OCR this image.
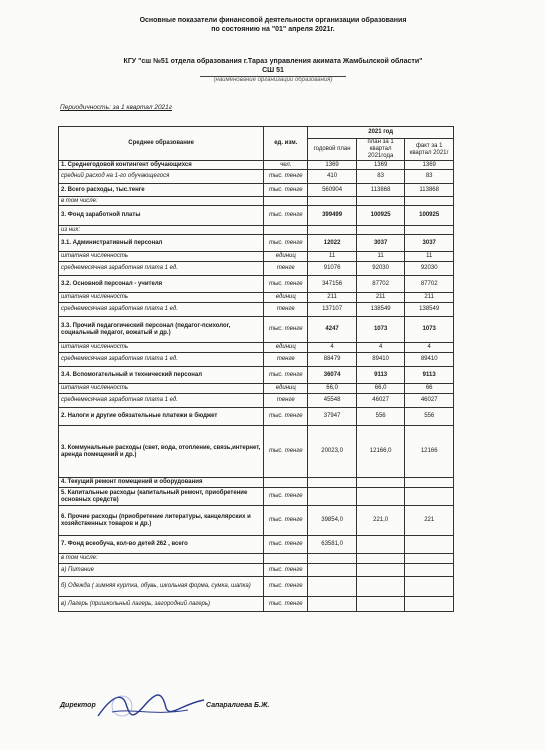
Основные показатели финансовой деятельности организации образования
по состоянию на "01" апреля 2021г.
КГУ "сш №51 отдела образования г.Тараз управления акимата Жамбылской области"
СШ 51
(наименование организации образования)
Периодичность: за 1 квартал 2021г
Среднее образование	ед. изм.	2021 год		
		годовой план	план за 1 квартал 2021года	факт за 1 квартал 2021г
1. Среднегодовой контингент обучающихся	чел.	1369	1369	1369
средний расход на 1-го обучающегося	тыс. тенге	410	83	83
2. Всего расходы, тыс.тенге	тыс. тенге	560904	113868	113868
в том числе:				
3. Фонд заработной платы	тыс. тенге	399499	100925	100925
из них:				
3.1. Административный персонал	тыс. тенге	12022	3037	3037
штатная численность	единиц	11	11	11
среднемесячная заработная плата 1 ед.	тенге	91076	92030	92030
3.2. Основной персонал - учителя	тыс. тенге	347156	87702	87702
штатная численность	единиц	211	211	211
среднемесячная заработная плата 1 ед.	тенге	137107	138549	138549
3.3. Прочий педагогический персонал (педагог-психолог, социальный педагог, вожатый и др.)	тыс. тенге	4247	1073	1073
штатная численность	единиц	4	4	4
среднемесячная заработная плата 1 ед.	тенге	88479	89410	89410
3.4. Вспомогательный и технический персонал	тыс. тенге	36074	9113	9113
штатная численность	единиц	66,0	66,0	66
среднемесячная заработная плата 1 ед.	тенге	45548	46027	46027
2. Налоги и другие обязательные платежи в бюджет	тыс. тенге	37947	556	556
3. Коммунальные расходы (свет, вода, отопление, связь,интернет, аренда помещений и др.)	тыс. тенге	20023,0	12166,0	12166
4. Текущий ремонт помещений и оборудования				
5. Капитальные расходы (капитальный ремонт, приобретение основных средств)	тыс. тенге			
6. Прочие расходы (приобретение литературы, канцелярских и хозяйственных товаров и др.)	тыс. тенге	39854,0	221,0	221
7. Фонд всеобуча, кол-во детей 262 , всего	тыс. тенге	63581,0		
в том числе:				
а) Питание	тыс. тенге			
б) Одежда ( зимняя куртка, обувь, школьная форма, сумка, шапка)	тыс. тенге			
в) Лагерь (пришкольный лагерь, загородний лагерь)	тыс. тенге			
Директор	Сапаралиева Б.Ж.
